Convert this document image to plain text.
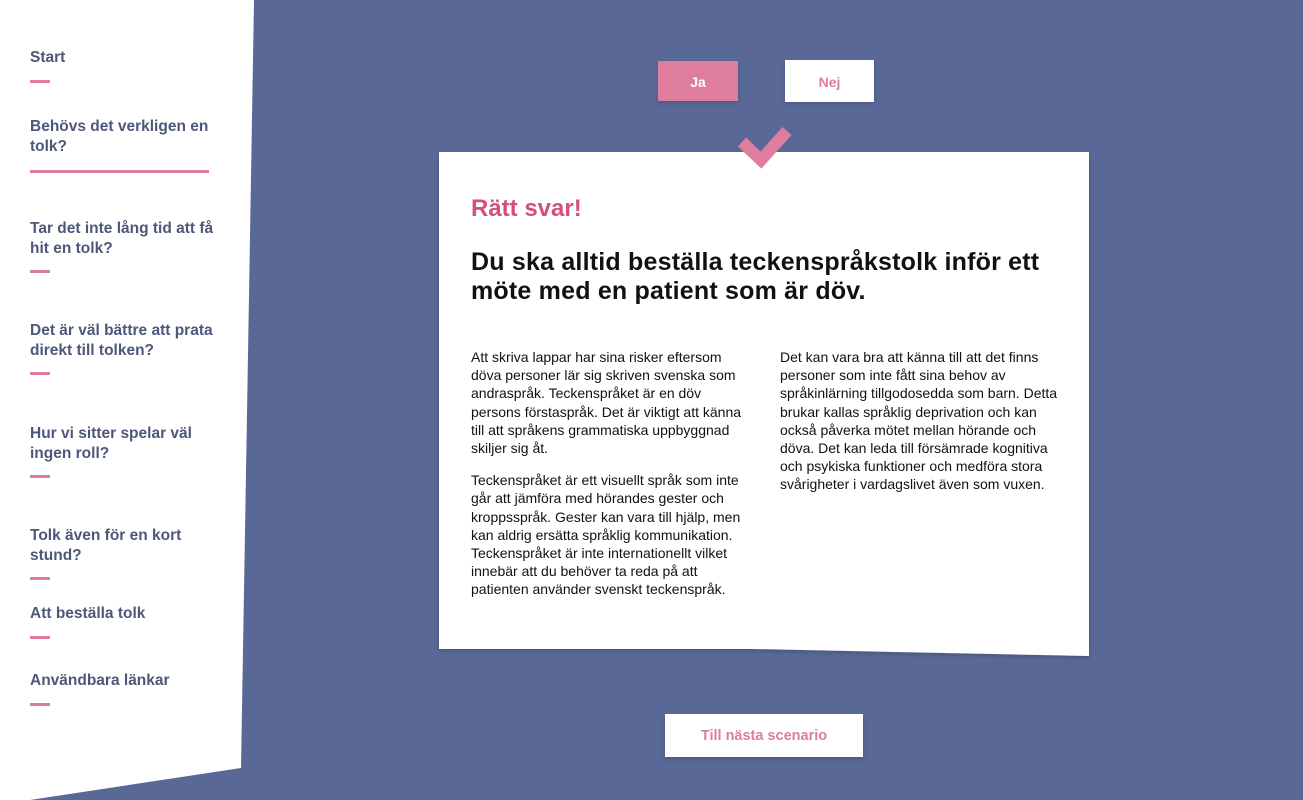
Start
Behövs det verkligen en tolk?
Tar det inte lång tid att få hit en tolk?
Det är väl bättre att prata direkt till tolken?
Hur vi sitter spelar väl ingen roll?
Tolk även för en kort stund?
Att beställa tolk
Användbara länkar
Ja	Nej
Rätt svar!
Du ska alltid beställa teckenspråkstolk inför ett möte med en patient som är döv.

Att skriva lappar har sina risker eftersom döva personer lär sig skriven svenska som andraspråk. Teckenspråket är en döv persons förstaspråk. Det är viktigt att känna till att språkens grammatiska uppbyggnad skiljer sig åt.

Teckenspråket är ett visuellt språk som inte går att jämföra med hörandes gester och kroppsspråk. Gester kan vara till hjälp, men kan aldrig ersätta språklig kommunikation. Teckenspråket är inte internationellt vilket innebär att du behöver ta reda på att patienten använder svenskt teckenspråk.

Det kan vara bra att känna till att det finns personer som inte fått sina behov av språkinlärning tillgodosedda som barn. Detta brukar kallas språklig deprivation och kan också påverka mötet mellan hörande och döva. Det kan leda till försämrade kognitiva och psykiska funktioner och medföra stora svårigheter i vardagslivet även som vuxen.

Till nästa scenario
